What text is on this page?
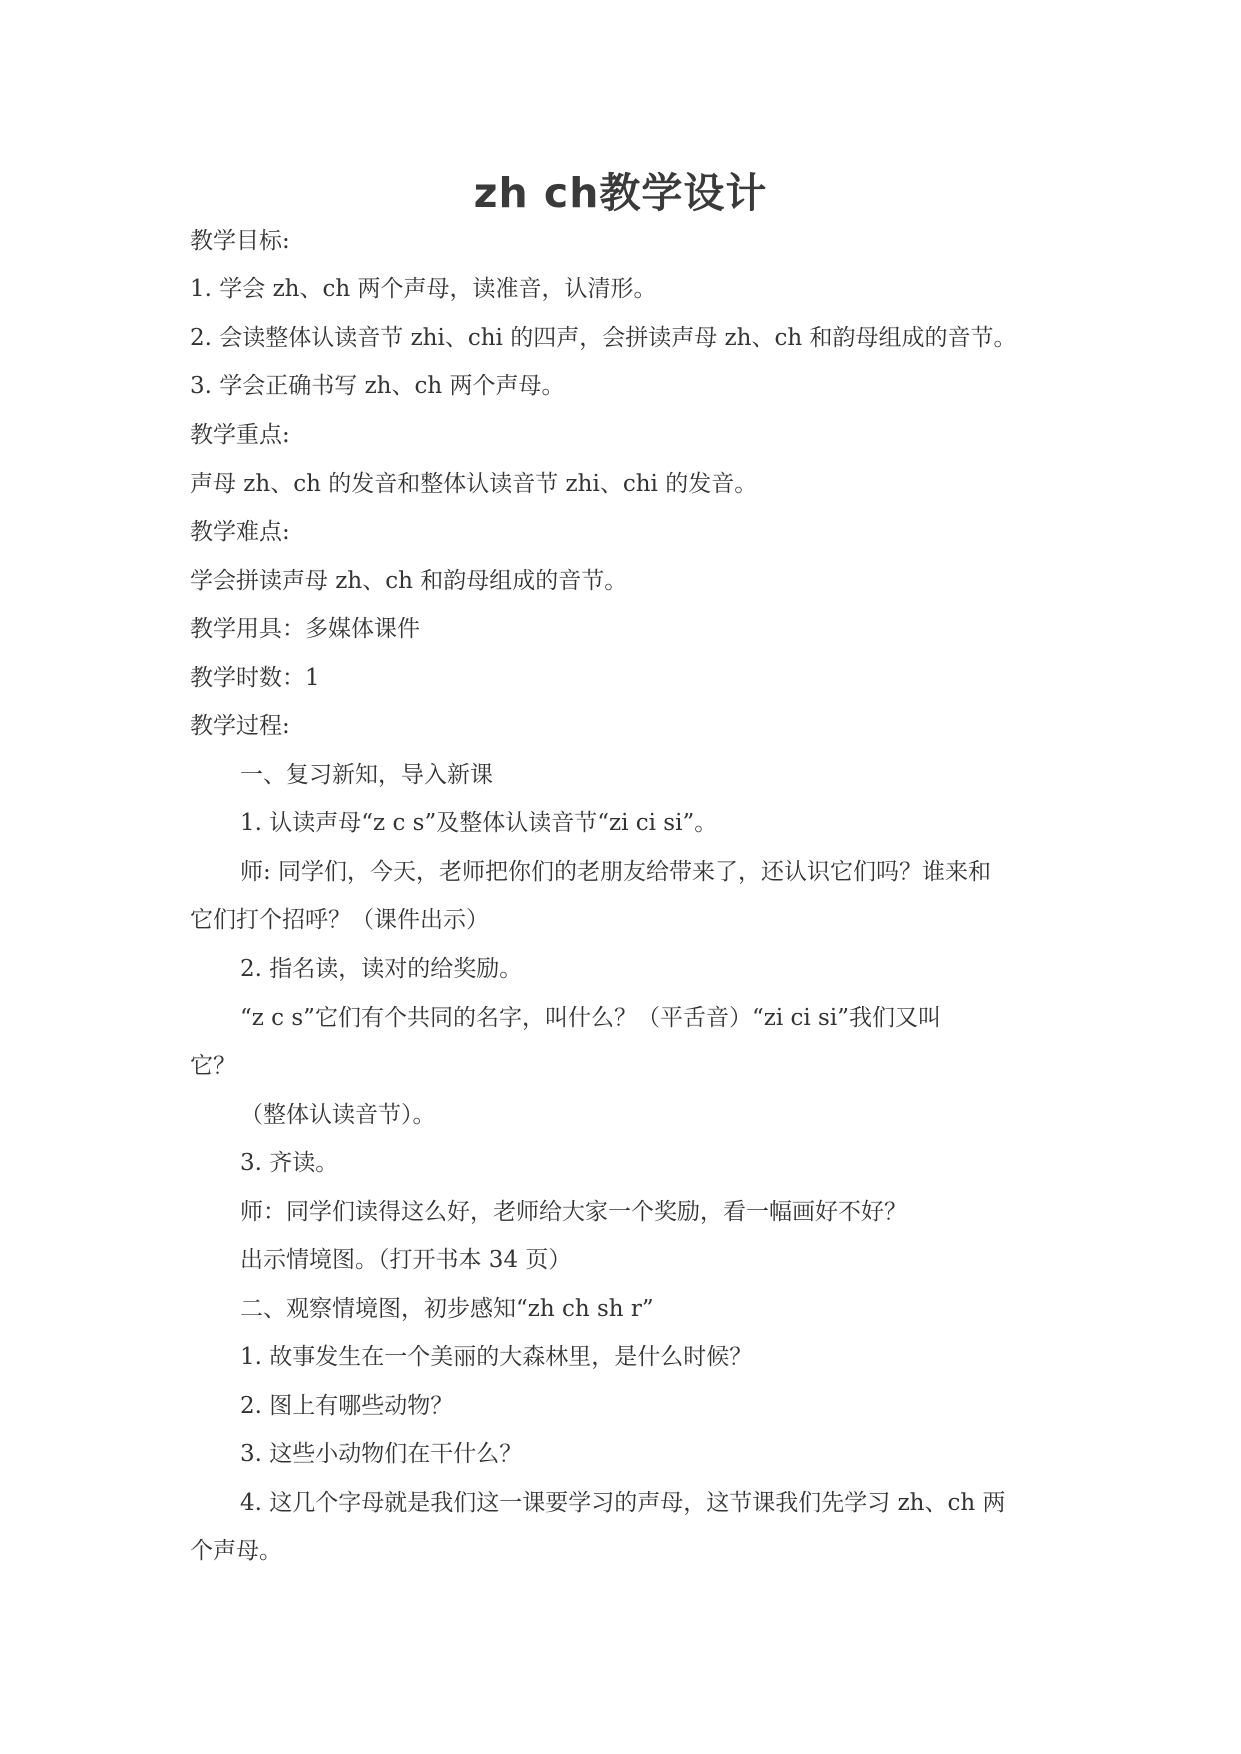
zh ch教学设计
教学目标:
1. 学会 zh、ch 两个声母，读准音，认清形。
2. 会读整体认读音节 zhi、chi 的四声，会拼读声母 zh、ch 和韵母组成的音节。
3. 学会正确书写 zh、ch 两个声母。
教学重点:
声母 zh、ch 的发音和整体认读音节 zhi、chi 的发音。
教学难点:
学会拼读声母 zh、ch 和韵母组成的音节。
教学用具：多媒体课件
教学时数：1
教学过程:
一、复习新知，导入新课
1. 认读声母“z c s”及整体认读音节“zi ci si”。
师: 同学们，今天，老师把你们的老朋友给带来了，还认识它们吗？谁来和
它们打个招呼？（课件出示）
2. 指名读，读对的给奖励。
“z c s”它们有个共同的名字，叫什么？（平舌音）“zi ci si”我们又叫
它？
（整体认读音节）。
3. 齐读。
师：同学们读得这么好，老师给大家一个奖励，看一幅画好不好？
出示情境图。（打开书本 34 页）
二、观察情境图，初步感知“zh ch sh r”
1. 故事发生在一个美丽的大森林里，是什么时候？
2. 图上有哪些动物？
3. 这些小动物们在干什么？
4. 这几个字母就是我们这一课要学习的声母，这节课我们先学习 zh、ch 两
个声母。
